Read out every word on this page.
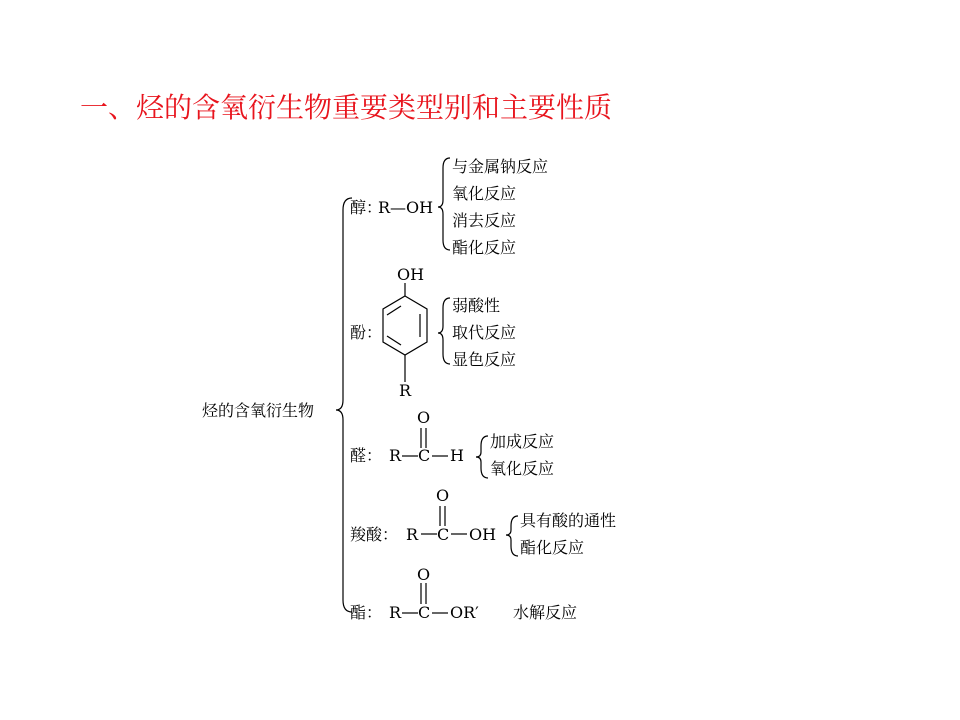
一、烃的含氧衍生物重要类型别和主要性质
烃的含氧衍生物
醇：
R—OH
与金属钠反应
氧化反应
消去反应
酯化反应
OH
酚：
R
弱酸性
取代反应
显色反应
O
醛： R C H
加成反应
氧化反应
O
羧酸： R C OH
具有酸的通性
酯化反应
O
酯： R C OR′ 水解反应
